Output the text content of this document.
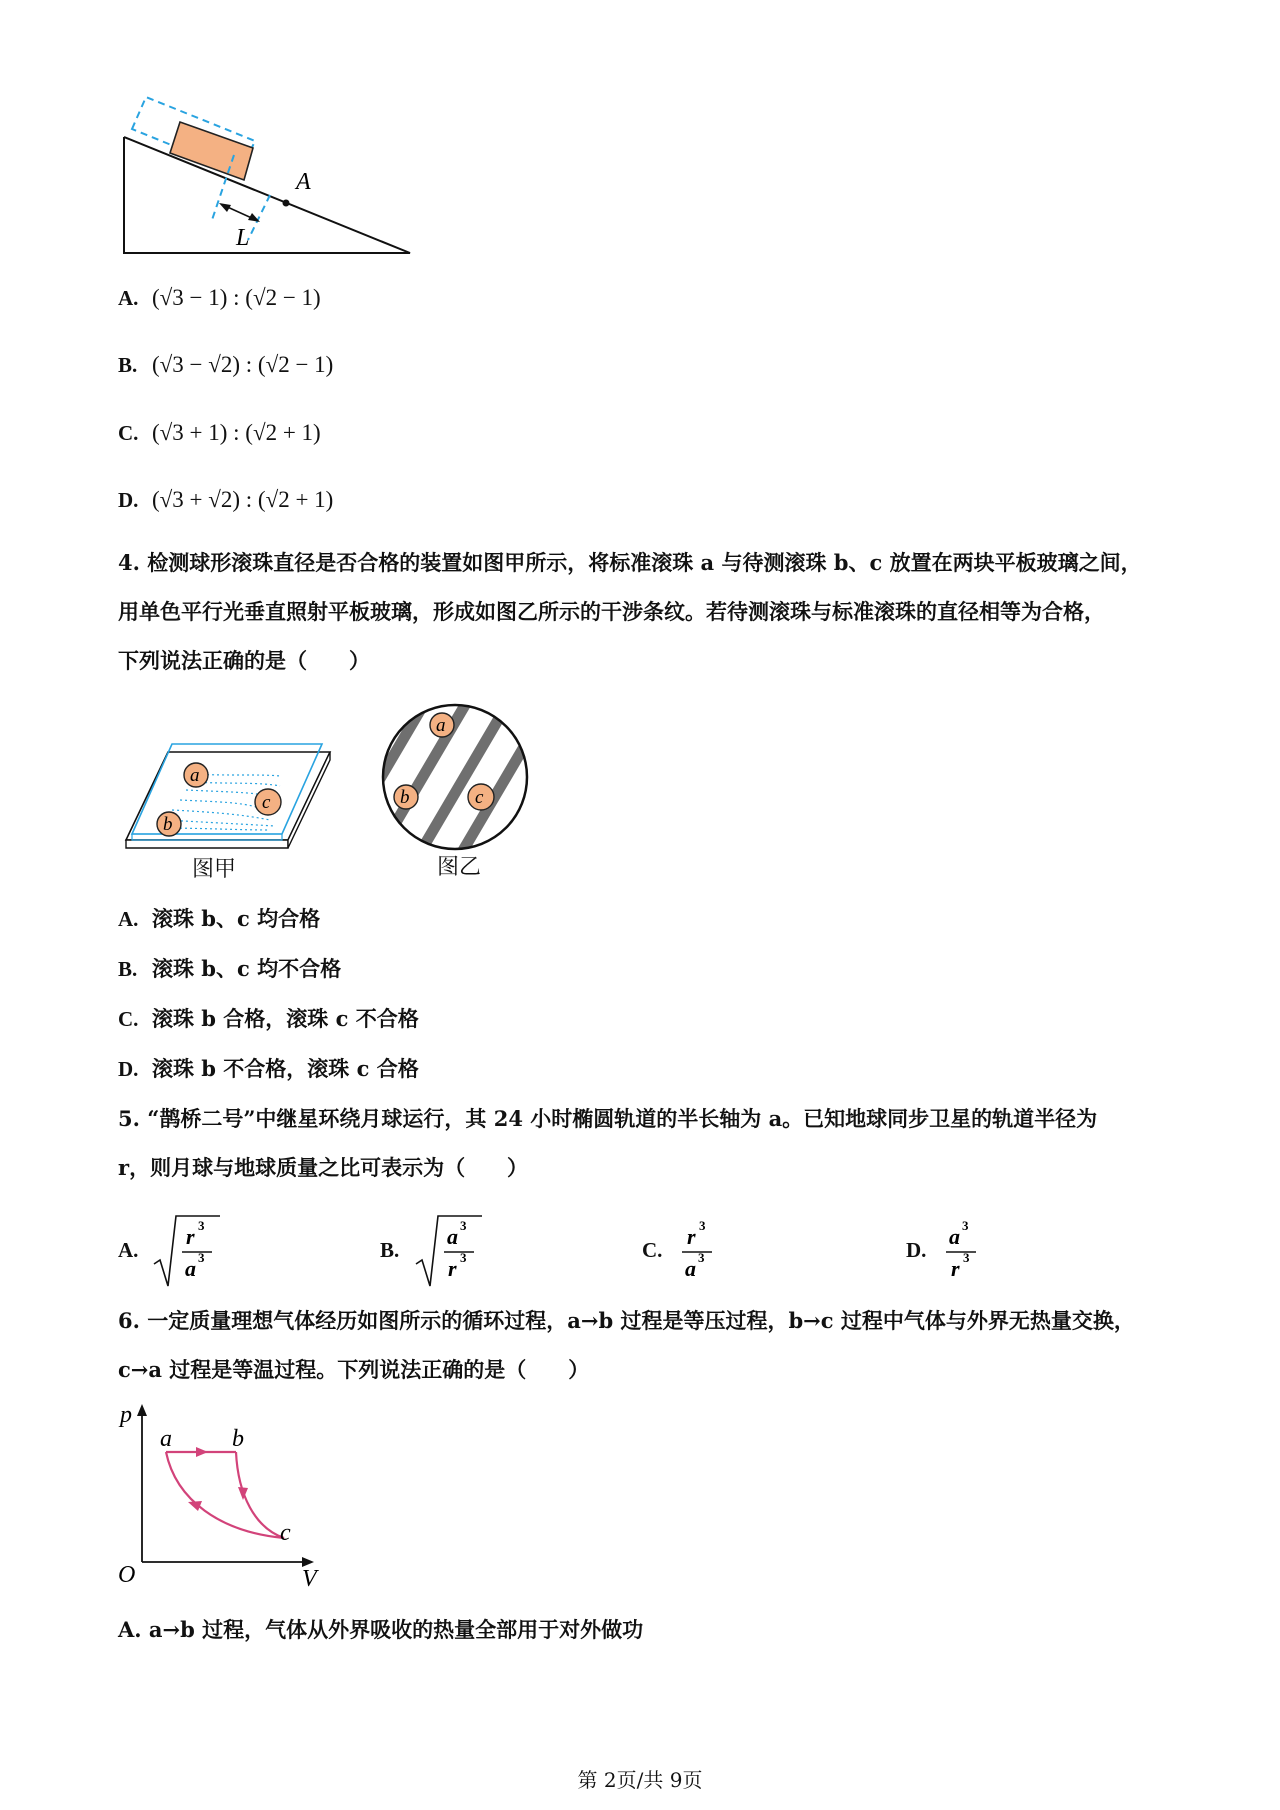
A
L
A. (√3 − 1) : (√2 − 1)
B. (√3 − √2) : (√2 − 1)
C. (√3 + 1) : (√2 + 1)
D. (√3 + √2) : (√2 + 1)
4. 检测球形滚珠直径是否合格的装置如图甲所示，将标准滚珠 a 与待测滚珠 b、c 放置在两块平板玻璃之间，
用单色平行光垂直照射平板玻璃，形成如图乙所示的干涉条纹。若待测滚珠与标准滚珠的直径相等为合格，
下列说法正确的是（　　）
a
b
c
图甲
a
b	c
图乙
A. 滚珠 b、c 均合格
B. 滚珠 b、c 均不合格
C. 滚珠 b 合格，滚珠 c 不合格
D. 滚珠 b 不合格，滚珠 c 合格
5. “鹊桥二号”中继星环绕月球运行，其 24 小时椭圆轨道的半长轴为 a。已知地球同步卫星的轨道半径为
r，则月球与地球质量之比可表示为（　　）
A.
r 3
a 3	B.
a 3
r 3	C.
r 3
a 3	D.
a 3
r 3
6. 一定质量理想气体经历如图所示的循环过程，a→b 过程是等压过程，b→c 过程中气体与外界无热量交换，
c→a 过程是等温过程。下列说法正确的是（　　）
p
V
O
a	b
c
A. a→b 过程，气体从外界吸收的热量全部用于对外做功
第 2页/共 9页
